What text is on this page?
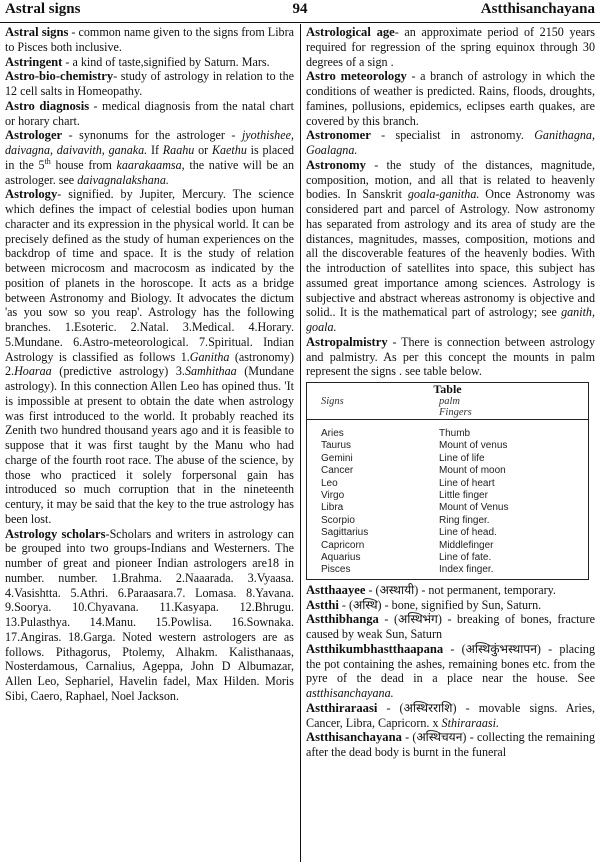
94
Astral signs	Astthisanchayana
Astral signs - common name given to the signs from Libra to Pisces both inclusive.
Astringent - a kind of taste,signified by Saturn. Mars.
Astro-bio-chemistry- study of astrology in relation to the 12 cell salts in Homeopathy.
Astro diagnosis - medical diagnosis from the natal chart or horary chart.
Astrologer - synonums for the astrologer - jyothishee, daivagna, daivavith, ganaka. If Raahu or Kaethu is placed in the 5th house from kaarakaamsa, the native will be an astrologer. see daivagnalakshana.
Astrology- signified. by Jupiter, Mercury. The science which defines the impact of celestial bodies upon human character and its expression in the physical world. It can be precisely defined as the study of human experiences on the backdrop of time and space. It is the study of relation between microcosm and macrocosm as indicated by the position of planets in the horoscope. It acts as a bridge between Astronomy and Biology. It advocates the dictum 'as you sow so you reap'. Astrology has the following branches. 1.Esoteric. 2.Natal. 3.Medical. 4.Horary. 5.Mundane. 6.Astro-meteorological. 7.Spiritual. Indian Astrology is classified as follows 1.Ganitha (astronomy) 2.Hoaraa (predictive astrology) 3.Samhithaa (Mundane astrology). In this connection Allen Leo has opined thus. 'It is impossible at present to obtain the date when astrology was first introduced to the world. It probably reached its Zenith two hundred thousand years ago and it is feasible to suppose that it was first taught by the Manu who had charge of the fourth root race. The abuse of the science, by those who practiced it solely forpersonal gain has introduced so much corruption that in the nineteenth century, it may be said that the key to the true astrology has been lost.
Astrology scholars-Scholars and writers in astrology can be grouped into two groups-Indians and Westerners. The number of great and pioneer Indian astrologers are18 in number. number. 1.Brahma. 2.Naaarada. 3.Vyaasa. 4.Vasishtta. 5.Athri. 6.Paraasara.7. Lomasa. 8.Yavana. 9.Soorya. 10.Chyavana. 11.Kasyapa. 12.Bhrugu. 13.Pulasthya. 14.Manu. 15.Powlisa. 16.Sownaka. 17.Angiras. 18.Garga. Noted western astrologers are as follows. Pithagorus, Ptolemy, Alhakm. Kalisthanaas, Nosterdamous, Carnalius, Ageppa, John D Albumazar, Allen Leo, Sephariel, Havelin fadel, Max Hilden. Moris Sibi, Caero, Raphael, Noel Jackson.
Astrological age- an approximate period of 2150 years required for regression of the spring equinox through 30 degrees of a sign .
Astro meteorology - a branch of astrology in which the conditions of weather is predicted. Rains, floods, droughts, famines, pollusions, epidemics, eclipses earth quakes, are covered by this branch.
Astronomer - specialist in astronomy. Ganithagna, Goalagna.
Astronomy - the study of the distances, magnitude, composition, motion, and all that is related to heavenly bodies. In Sanskrit goala-ganitha. Once Astronomy was considered part and parcel of Astrology. Now astronomy has separated from astrology and its area of study are the distances, magnitudes, masses, composition, motions and all the discoverable features of the heavenly bodies. With the introduction of satellites into space, this subject has assumed great importance among sciences. Astrology is subjective and abstract whereas astronomy is objective and solid.. It is the mathematical part of astrology; see ganith, goala.
Astropalmistry - There is connection between astrology and palmistry. As per this concept the mounts in palm represent the signs . see table below.
Table
Signs	palm
Fingers
Aries	Thumb
Taurus	Mount of venus
Gemini	Line of life
Cancer	Mount of moon
Leo	Line of heart
Virgo	Little finger
Libra	Mount of Venus
Scorpio	Ring finger.
Sagittarius	Line of head.
Capricorn	Middlefinger
Aquarius	Line of fate.
Pisces	Index finger.
Astthaayee - (अस्थायी) - not permanent, temporary.
Astthi - (अस्थि) - bone, signified by Sun, Saturn.
Astthibhanga - (अस्थिभंग) - breaking of bones, fracture caused by weak Sun, Saturn
Astthikumbhastthaapana - (अस्थिकुंभस्थापन) - placing the pot containing the ashes, remaining bones etc. from the pyre of the dead in a place near the house. See astthisanchayana.
Astthiraraasi - (अस्थिरराशि) - movable signs. Aries, Cancer, Libra, Capricorn. x Sthiraraasi.
Astthisanchayana - (अस्थिचयन) - collecting the remaining after the dead body is burnt in the funeral
